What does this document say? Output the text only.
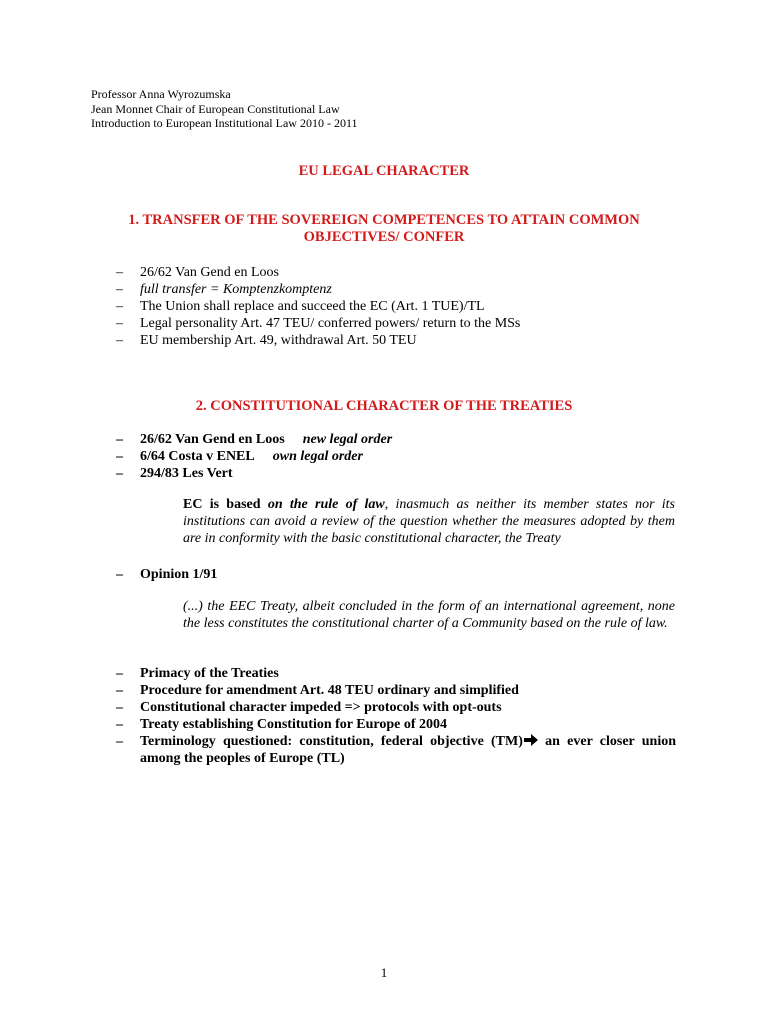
Professor Anna Wyrozumska
Jean Monnet Chair of European Constitutional Law
Introduction to European Institutional Law 2010 - 2011
EU LEGAL CHARACTER
1. TRANSFER OF THE SOVEREIGN COMPETENCES TO ATTAIN COMMON
OBJECTIVES/ CONFER
– 26/62 Van Gend en Loos
– full transfer = Komptenzkomptenz
– The Union shall replace and succeed the EC (Art. 1 TUE)/TL
– Legal personality Art. 47 TEU/ conferred powers/ return to the MSs
– EU membership Art. 49, withdrawal Art. 50 TEU
2. CONSTITUTIONAL CHARACTER OF THE TREATIES
– 26/62 Van Gend en Loos new legal order
– 6/64 Costa v ENEL own legal order
– 294/83 Les Vert
EC is based on the rule of law, inasmuch as neither its member states nor its institutions can avoid a review of the question whether the measures adopted by them are in conformity with the basic constitutional character, the Treaty
– Opinion 1/91
(...) the EEC Treaty, albeit concluded in the form of an international agreement, none the less constitutes the constitutional charter of a Community based on the rule of law.
– Primacy of the Treaties
– Procedure for amendment Art. 48 TEU ordinary and simplified
– Constitutional character impeded => protocols with opt-outs
– Treaty establishing Constitution for Europe of 2004
– Terminology questioned: constitution, federal objective (TM) an ever closer union among the peoples of Europe (TL)
1
